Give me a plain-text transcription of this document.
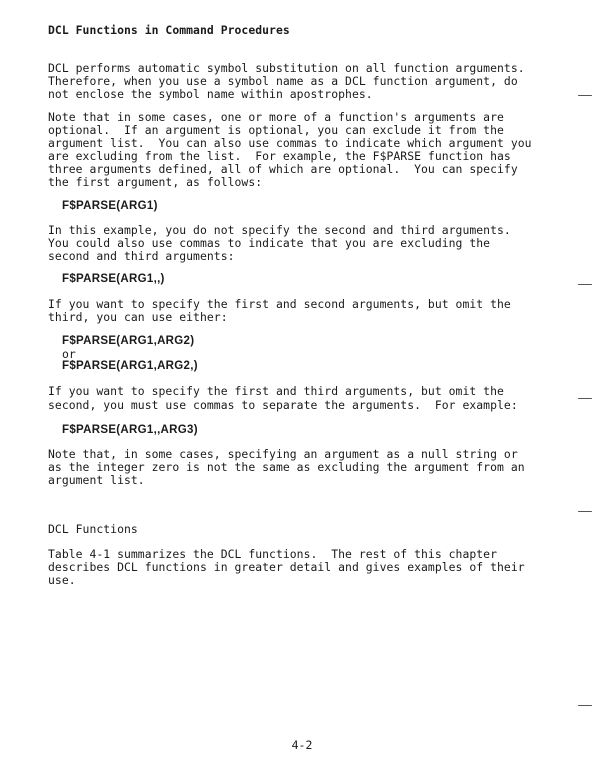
DCL Functions in Command Procedures
DCL performs automatic symbol substitution on all function arguments.
Therefore, when you use a symbol name as a DCL function argument, do
not enclose the symbol name within apostrophes.
Note that in some cases, one or more of a function's arguments are
optional.  If an argument is optional, you can exclude it from the
argument list.  You can also use commas to indicate which argument you
are excluding from the list.  For example, the F$PARSE function has
three arguments defined, all of which are optional.  You can specify
the first argument, as follows:
F$PARSE(ARG1)
In this example, you do not specify the second and third arguments.
You could also use commas to indicate that you are excluding the
second and third arguments:
F$PARSE(ARG1,,)
If you want to specify the first and second arguments, but omit the
third, you can use either:
F$PARSE(ARG1,ARG2)
or
F$PARSE(ARG1,ARG2,)
If you want to specify the first and third arguments, but omit the
second, you must use commas to separate the arguments.  For example:
F$PARSE(ARG1,,ARG3)
Note that, in some cases, specifying an argument as a null string or
as the integer zero is not the same as excluding the argument from an
argument list.
DCL Functions
Table 4-1 summarizes the DCL functions.  The rest of this chapter
describes DCL functions in greater detail and gives examples of their
use.
4-2
